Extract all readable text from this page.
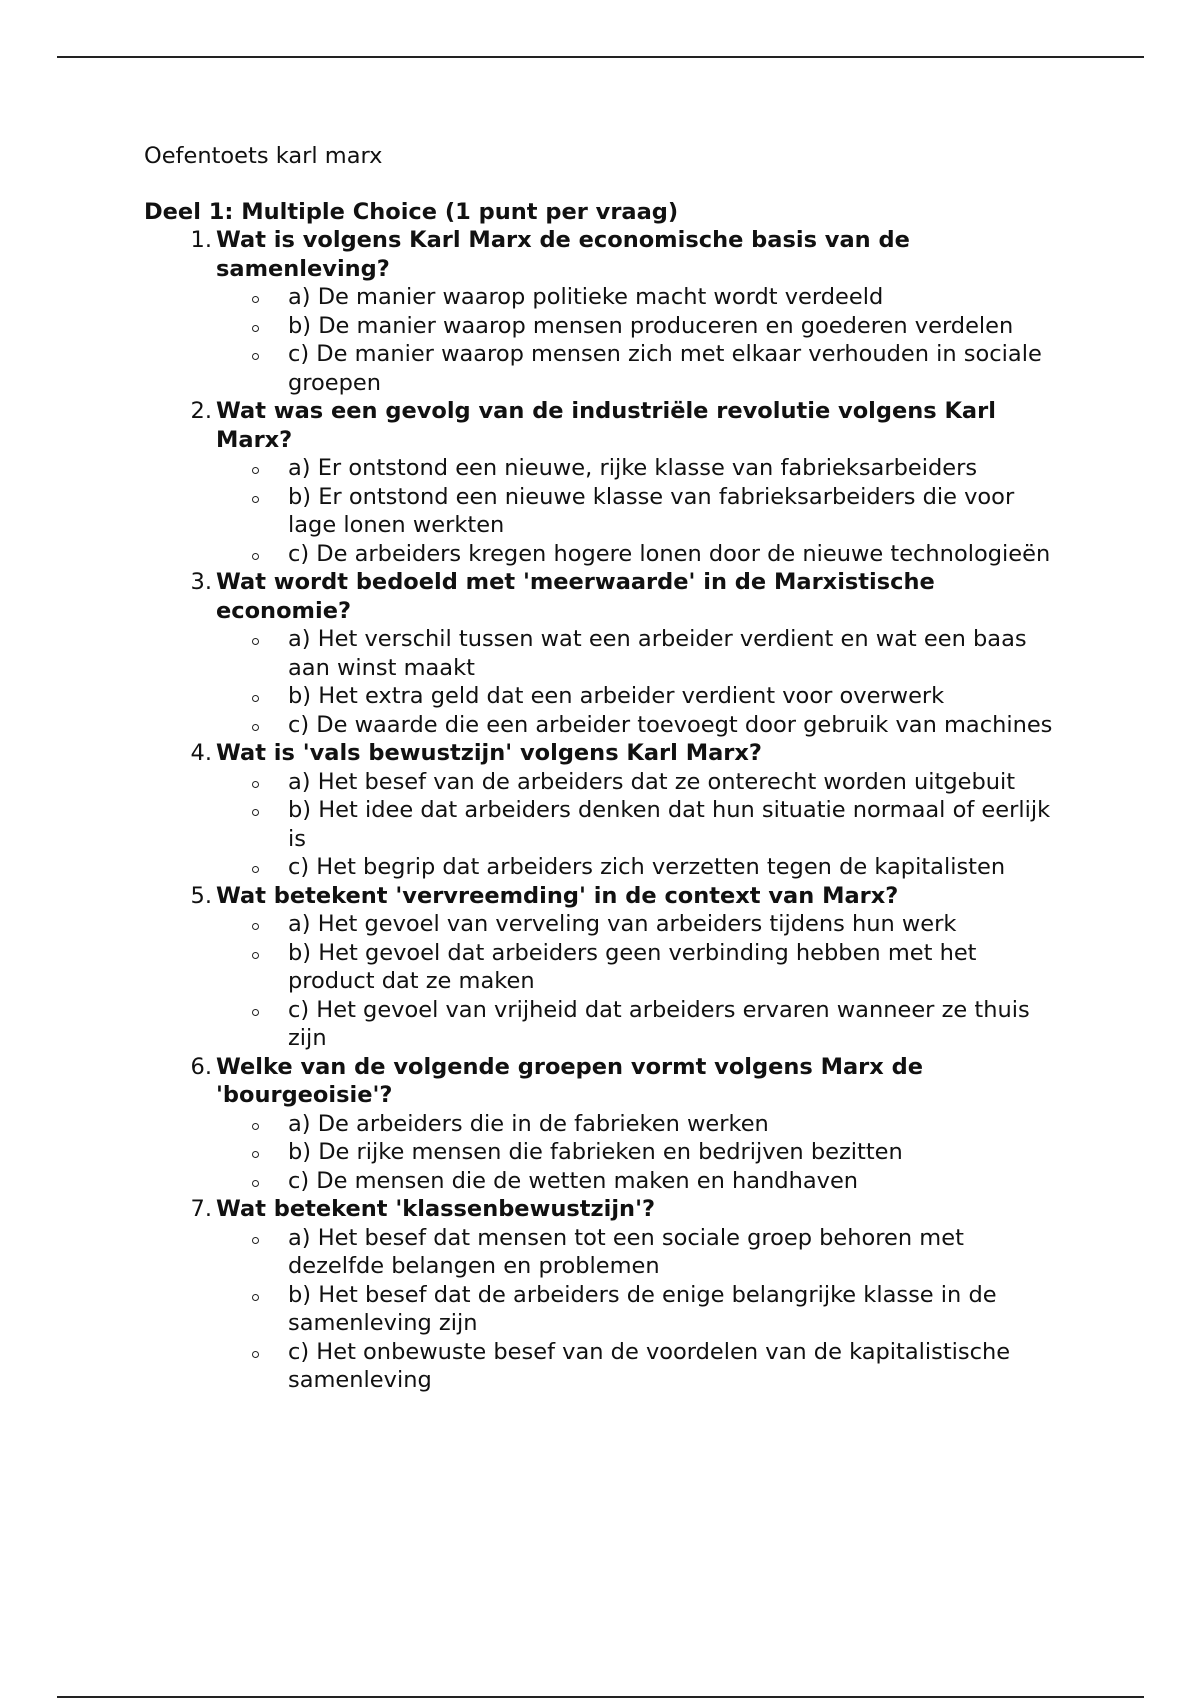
Oefentoets karl marx

Deel 1: Multiple Choice (1 punt per vraag)

1. Wat is volgens Karl Marx de economische basis van de samenleving?
a) De manier waarop politieke macht wordt verdeeld
b) De manier waarop mensen produceren en goederen verdelen
c) De manier waarop mensen zich met elkaar verhouden in sociale groepen
2. Wat was een gevolg van de industriële revolutie volgens Karl Marx?
a) Er ontstond een nieuwe, rijke klasse van fabrieksarbeiders
b) Er ontstond een nieuwe klasse van fabrieksarbeiders die voor lage lonen werkten
c) De arbeiders kregen hogere lonen door de nieuwe technologieën
3. Wat wordt bedoeld met 'meerwaarde' in de Marxistische economie?
a) Het verschil tussen wat een arbeider verdient en wat een baas aan winst maakt
b) Het extra geld dat een arbeider verdient voor overwerk
c) De waarde die een arbeider toevoegt door gebruik van machines
4. Wat is 'vals bewustzijn' volgens Karl Marx?
a) Het besef van de arbeiders dat ze onterecht worden uitgebuit
b) Het idee dat arbeiders denken dat hun situatie normaal of eerlijk is
c) Het begrip dat arbeiders zich verzetten tegen de kapitalisten
5. Wat betekent 'vervreemding' in de context van Marx?
a) Het gevoel van verveling van arbeiders tijdens hun werk
b) Het gevoel dat arbeiders geen verbinding hebben met het product dat ze maken
c) Het gevoel van vrijheid dat arbeiders ervaren wanneer ze thuis zijn
6. Welke van de volgende groepen vormt volgens Marx de 'bourgeoisie'?
a) De arbeiders die in de fabrieken werken
b) De rijke mensen die fabrieken en bedrijven bezitten
c) De mensen die de wetten maken en handhaven
7. Wat betekent 'klassenbewustzijn'?
a) Het besef dat mensen tot een sociale groep behoren met dezelfde belangen en problemen
b) Het besef dat de arbeiders de enige belangrijke klasse in de samenleving zijn
c) Het onbewuste besef van de voordelen van de kapitalistische samenleving
